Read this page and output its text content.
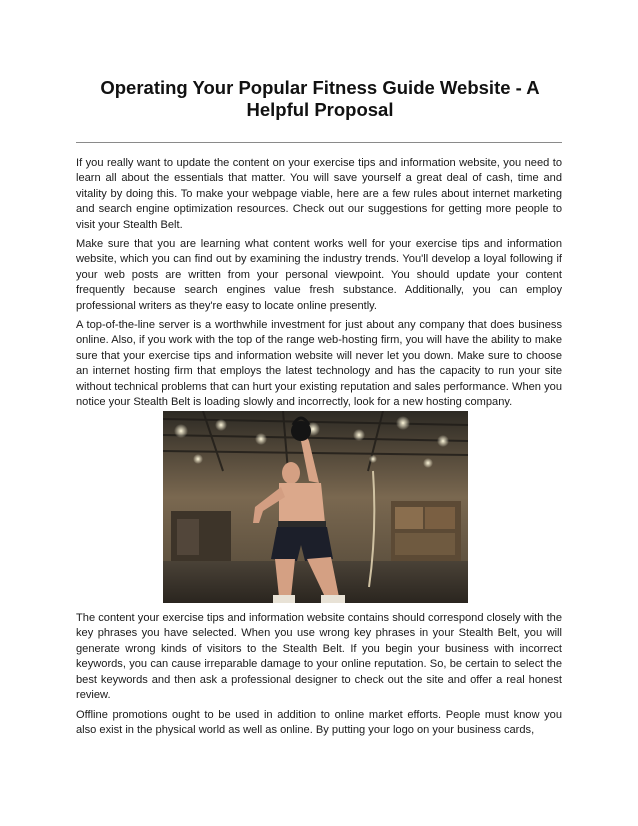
Operating Your Popular Fitness Guide Website - A Helpful Proposal

If you really want to update the content on your exercise tips and information website, you need to learn all about the essentials that matter. You will save yourself a great deal of cash, time and vitality by doing this. To make your webpage viable, here are a few rules about internet marketing and search engine optimization resources. Check out our suggestions for getting more people to visit your Stealth Belt.

Make sure that you are learning what content works well for your exercise tips and information website, which you can find out by examining the industry trends. You'll develop a loyal following if your web posts are written from your personal viewpoint. You should update your content frequently because search engines value fresh substance. Additionally, you can employ professional writers as they're easy to locate online presently.

A top-of-the-line server is a worthwhile investment for just about any company that does business online. Also, if you work with the top of the range web-hosting firm, you will have the ability to make sure that your exercise tips and information website will never let you down. Make sure to choose an internet hosting firm that employs the latest technology and has the capacity to run your site without technical problems that can hurt your existing reputation and sales performance. When you notice your Stealth Belt is loading slowly and incorrectly, look for a new hosting company.

The content your exercise tips and information website contains should correspond closely with the key phrases you have selected. When you use wrong key phrases in your Stealth Belt, you will generate wrong kinds of visitors to the Stealth Belt. If you begin your business with incorrect keywords, you can cause irreparable damage to your online reputation. So, be certain to select the best keywords and then ask a professional designer to check out the site and offer a real honest review.

Offline promotions ought to be used in addition to online market efforts. People must know you also exist in the physical world as well as online. By putting your logo on your business cards,
